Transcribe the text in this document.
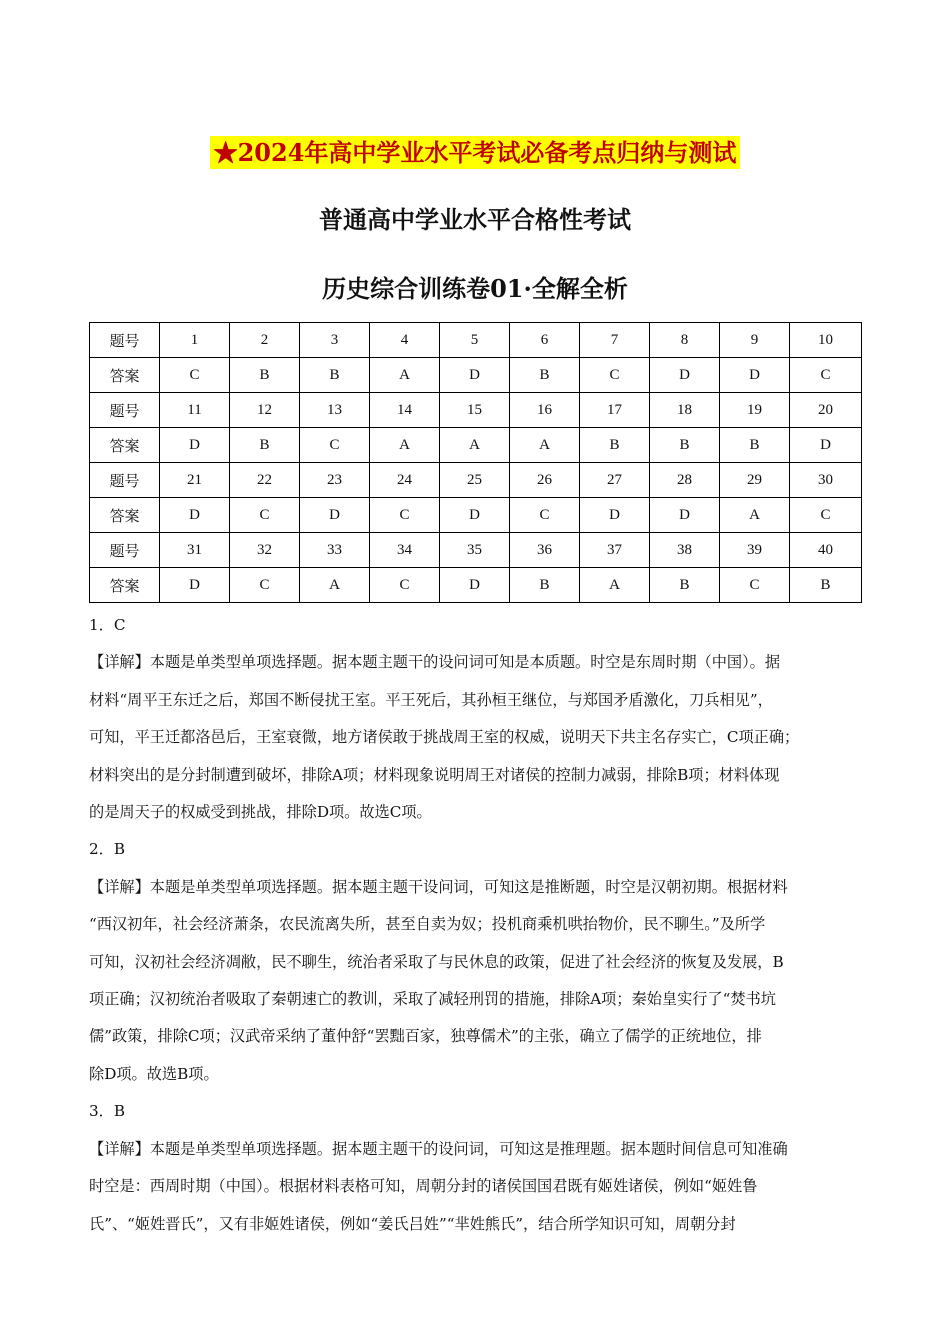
★2024年高中学业水平考试必备考点归纳与测试
普通高中学业水平合格性考试
历史综合训练卷01·全解全析
题号	1	2	3	4	5	6	7	8	9	10
答案	C	B	B	A	D	B	C	D	D	C
题号	11	12	13	14	15	16	17	18	19	20
答案	D	B	C	A	A	A	B	B	B	D
题号	21	22	23	24	25	26	27	28	29	30
答案	D	C	D	C	D	C	D	D	A	C
题号	31	32	33	34	35	36	37	38	39	40
答案	D	C	A	C	D	B	A	B	C	B
1．C
【详解】本题是单类型单项选择题。据本题主题干的设问词可知是本质题。时空是东周时期（中国）。据
材料“周平王东迁之后，郑国不断侵扰王室。平王死后，其孙桓王继位，与郑国矛盾激化，刀兵相见”，
可知，平王迁都洛邑后，王室衰微，地方诸侯敢于挑战周王室的权威，说明天下共主名存实亡，C项正确；
材料突出的是分封制遭到破坏，排除A项；材料现象说明周王对诸侯的控制力减弱，排除B项；材料体现
的是周天子的权威受到挑战，排除D项。故选C项。
2．B
【详解】本题是单类型单项选择题。据本题主题干设问词，可知这是推断题，时空是汉朝初期。根据材料
“西汉初年，社会经济萧条，农民流离失所，甚至自卖为奴；投机商乘机哄抬物价，民不聊生。”及所学
可知，汉初社会经济凋敝，民不聊生，统治者采取了与民休息的政策，促进了社会经济的恢复及发展，B
项正确；汉初统治者吸取了秦朝速亡的教训，采取了减轻刑罚的措施，排除A项；秦始皇实行了“焚书坑
儒”政策，排除C项；汉武帝采纳了董仲舒“罢黜百家，独尊儒术”的主张，确立了儒学的正统地位，排
除D项。故选B项。
3．B
【详解】本题是单类型单项选择题。据本题主题干的设问词，可知这是推理题。据本题时间信息可知准确
时空是：西周时期（中国）。根据材料表格可知，周朝分封的诸侯国国君既有姬姓诸侯，例如“姬姓鲁
氏”、“姬姓晋氏”，又有非姬姓诸侯，例如“姜氏吕姓”“芈姓熊氏”，结合所学知识可知，周朝分封
